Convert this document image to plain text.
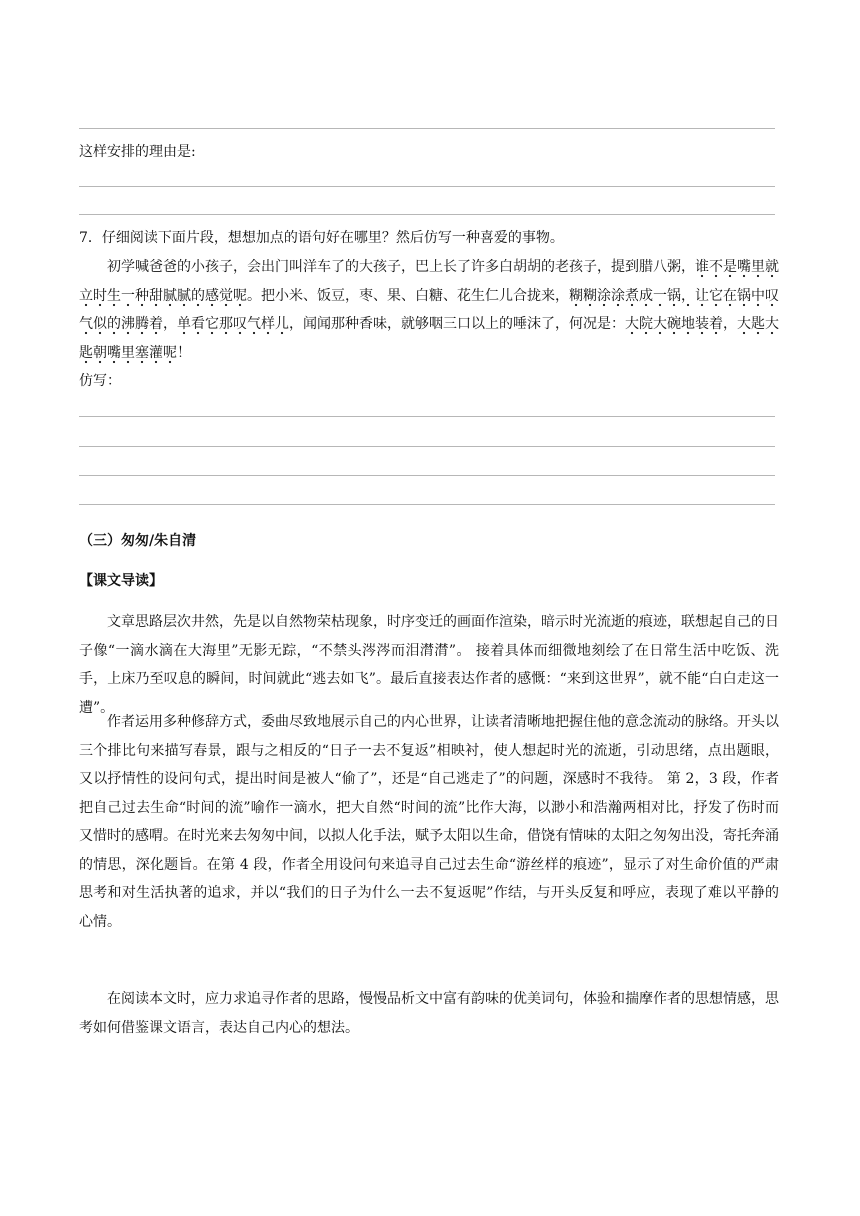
这样安排的理由是:
7．仔细阅读下面片段，想想加点的语句好在哪里？然后仿写一种喜爱的事物。
初学喊爸爸的小孩子，会出门叫洋车了的大孩子，巴上长了许多白胡胡的老孩子，提到腊八粥，谁不是嘴里就立时生一种甜腻腻的感觉呢。把小米、饭豆，枣、果、白糖、花生仁儿合拢来，糊糊涂涂煮成一锅，让它在锅中叹气似的沸腾着，单看它那叹气样儿，闻闻那种香味，就够咽三口以上的唾沫了，何况是：大院大碗地装着，大匙大匙朝嘴里塞灌呢！
仿写：
（三）匆匆/朱自清
【课文导读】
文章思路层次井然，先是以自然物荣枯现象，时序变迁的画面作渲染，暗示时光流逝的痕迹，联想起自己的日子像“一滴水滴在大海里”无影无踪，“不禁头涔涔而泪潸潸”。 接着具体而细微地刻绘了在日常生活中吃饭、洗手，上床乃至叹息的瞬间，时间就此“逃去如飞”。最后直接表达作者的感慨：“来到这世界”，就不能“白白走这一遭”。
作者运用多种修辞方式，委曲尽致地展示自己的内心世界，让读者清晰地把握住他的意念流动的脉络。开头以三个排比句来描写春景，跟与之相反的“日子一去不复返”相映衬，使人想起时光的流逝，引动思绪，点出题眼，又以抒情性的设问句式，提出时间是被人“偷了”，还是“自己逃走了”的问题，深感时不我待。 第 2，3 段，作者把自己过去生命“时间的流”喻作一滴水，把大自然“时间的流”比作大海，以渺小和浩瀚两相对比，抒发了伤时而又惜时的感喟。在时光来去匆匆中间，以拟人化手法，赋予太阳以生命，借饶有情味的太阳之匆匆出没，寄托奔涌的情思，深化题旨。在第 4 段，作者全用设问句来追寻自己过去生命“游丝样的痕迹”，显示了对生命价值的严肃思考和对生活执著的追求，并以“我们的日子为什么一去不复返呢”作结，与开头反复和呼应，表现了难以平静的心情。
在阅读本文时，应力求追寻作者的思路，慢慢品析文中富有韵味的优美词句，体验和揣摩作者的思想情感，思考如何借鉴课文语言，表达自己内心的想法。
